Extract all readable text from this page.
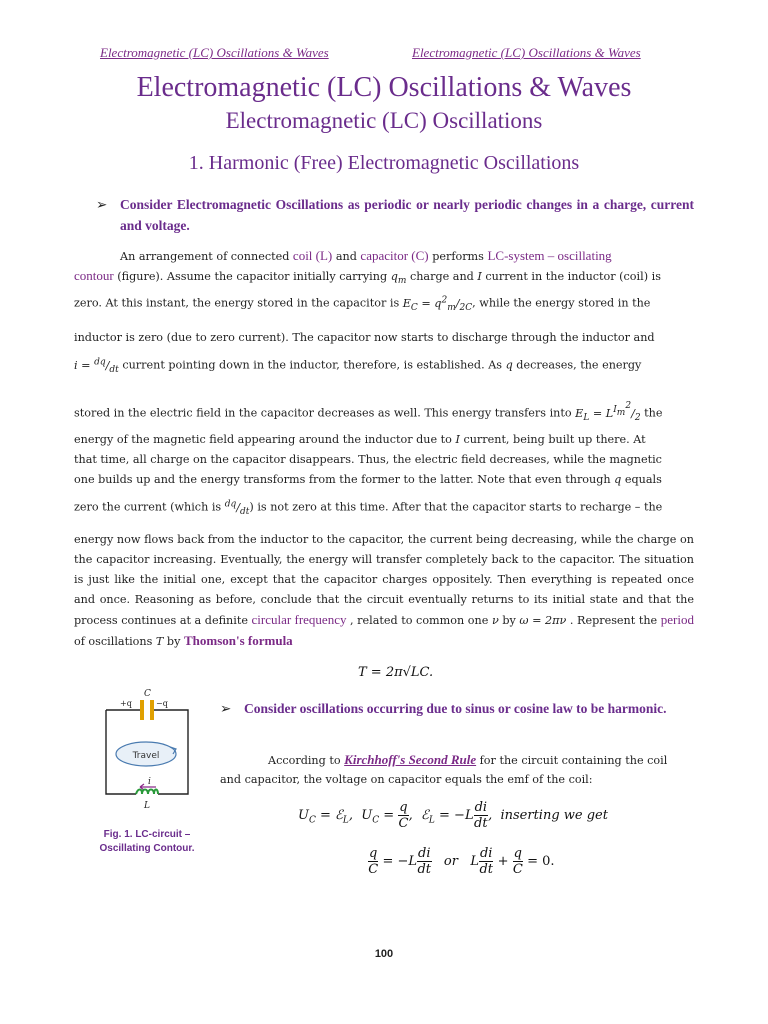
Electromagnetic (LC) Oscillations & Waves	Electromagnetic (LC) Oscillations & Waves
Electromagnetic (LC) Oscillations & Waves
Electromagnetic (LC) Oscillations
1. Harmonic (Free) Electromagnetic Oscillations
➢ Consider Electromagnetic Oscillations as periodic or nearly periodic changes in a charge, current and voltage.
An arrangement of connected coil (L) and capacitor (C) performs LC-system – oscillating
contour (figure). Assume the capacitor initially carrying $q_m$ charge and I current in the inductor (coil) is
zero. At this instant, the energy stored in the capacitor is $E_C = q^2_m/_{2C}$, while the energy stored in the
inductor is zero (due to zero current). The capacitor now starts to discharge through the inductor and
$i = ^{dq}/_{dt}$ current pointing down in the inductor, therefore, is established. As q decreases, the energy
stored in the electric field in the capacitor decreases as well. This energy transfers into $E_L = L^{Im2}/_2$ the
energy of the magnetic field appearing around the inductor due to I current, being built up there. At
that time, all charge on the capacitor disappears. Thus, the electric field decreases, while the magnetic
one builds up and the energy transforms from the former to the latter. Note that even through q equals
zero the current (which is $^{dq}/_{dt}$) is not zero at this time. After that the capacitor starts to recharge – the
energy now flows back from the inductor to the capacitor, the current being decreasing, while the charge on the capacitor increasing. Eventually, the energy will transfer completely back to the capacitor. The situation is just like the initial one, except that the capacitor charges oppositely. Then everything is repeated once and once. Reasoning as before, conclude that the circuit eventually returns to its initial state and that the process continues at a definite circular frequency , related to common one ν by ω = 2πν . Represent the period of oscillations T by Thomson's formula
T = 2π√LC.
C
+q	−q
Travel
i
L
Fig. 1. LC-circuit – Oscillating Contour.
➢ Consider oscillations occurring due to sinus or cosine law to be harmonic.
According to Kirchhoff's Second Rule for the circuit containing the coil
and capacitor, the voltage on capacitor equals the emf of the coil:
$U_C$ = ℰ$_L$,  $U_C = \frac{q}{C}$ ,  ℰ$_L$ = $-L \frac{di}{dt}$ ,  inserting we get
$\frac{q}{C} = -L \frac{di}{dt}$ or   L $\frac{di}{dt} + \frac{q}{C} = 0$.
100
